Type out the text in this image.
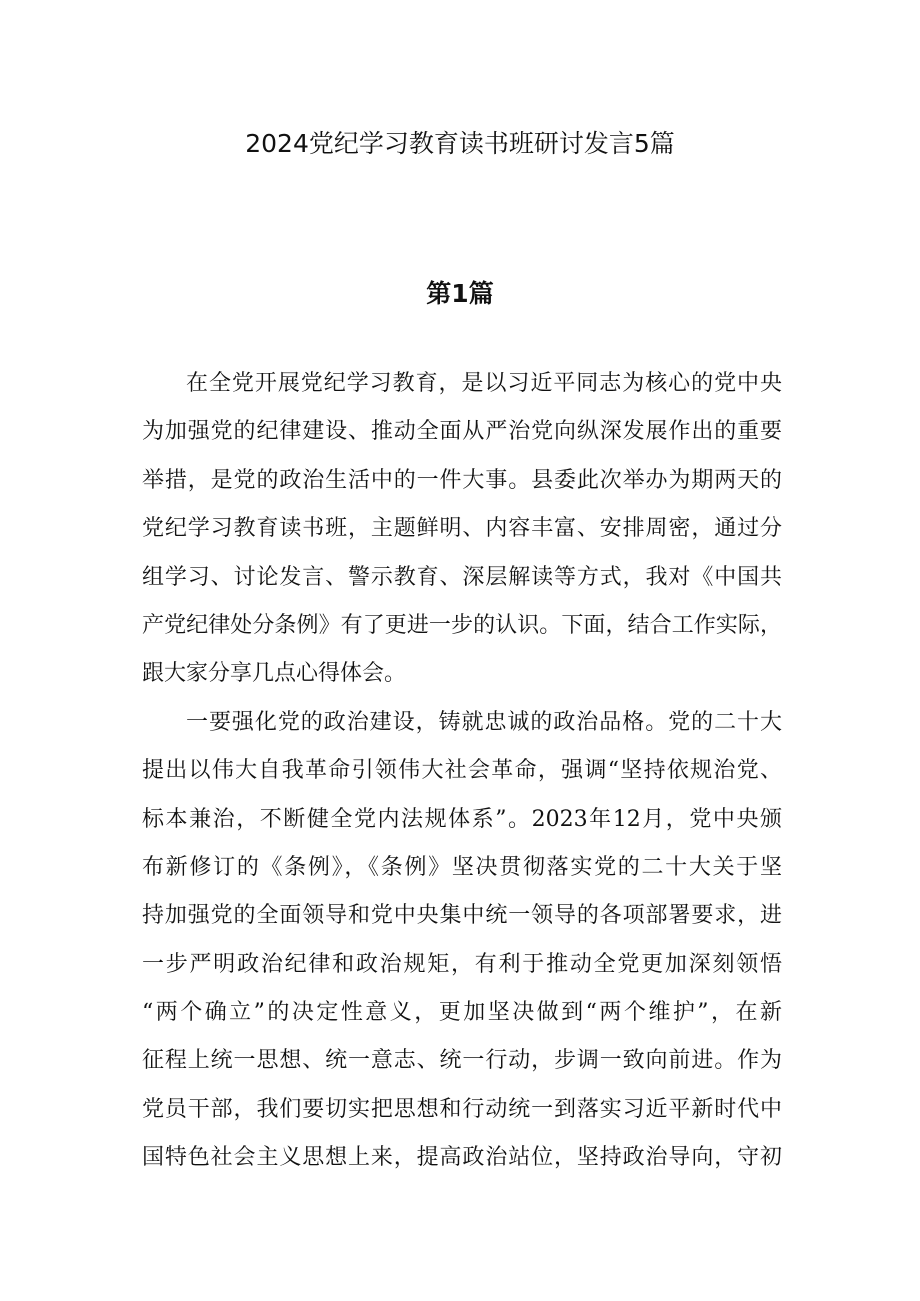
2024党纪学习教育读书班研讨发言5篇
第1篇
在全党开展党纪学习教育，是以习近平同志为核心的党中央
为加强党的纪律建设、推动全面从严治党向纵深发展作出的重要
举措，是党的政治生活中的一件大事。县委此次举办为期两天的
党纪学习教育读书班，主题鲜明、内容丰富、安排周密，通过分
组学习、讨论发言、警示教育、深层解读等方式，我对《中国共
产党纪律处分条例》有了更进一步的认识。下面，结合工作实际，
跟大家分享几点心得体会。
一要强化党的政治建设，铸就忠诚的政治品格。党的二十大
提出以伟大自我革命引领伟大社会革命，强调“坚持依规治党、
标本兼治，不断健全党内法规体系”。2023年12月，党中央颁
布新修订的《条例》，《条例》坚决贯彻落实党的二十大关于坚
持加强党的全面领导和党中央集中统一领导的各项部署要求，进
一步严明政治纪律和政治规矩，有利于推动全党更加深刻领悟
“两个确立”的决定性意义，更加坚决做到“两个维护”，在新
征程上统一思想、统一意志、统一行动，步调一致向前进。作为
党员干部，我们要切实把思想和行动统一到落实习近平新时代中
国特色社会主义思想上来，提高政治站位，坚持政治导向，守初
